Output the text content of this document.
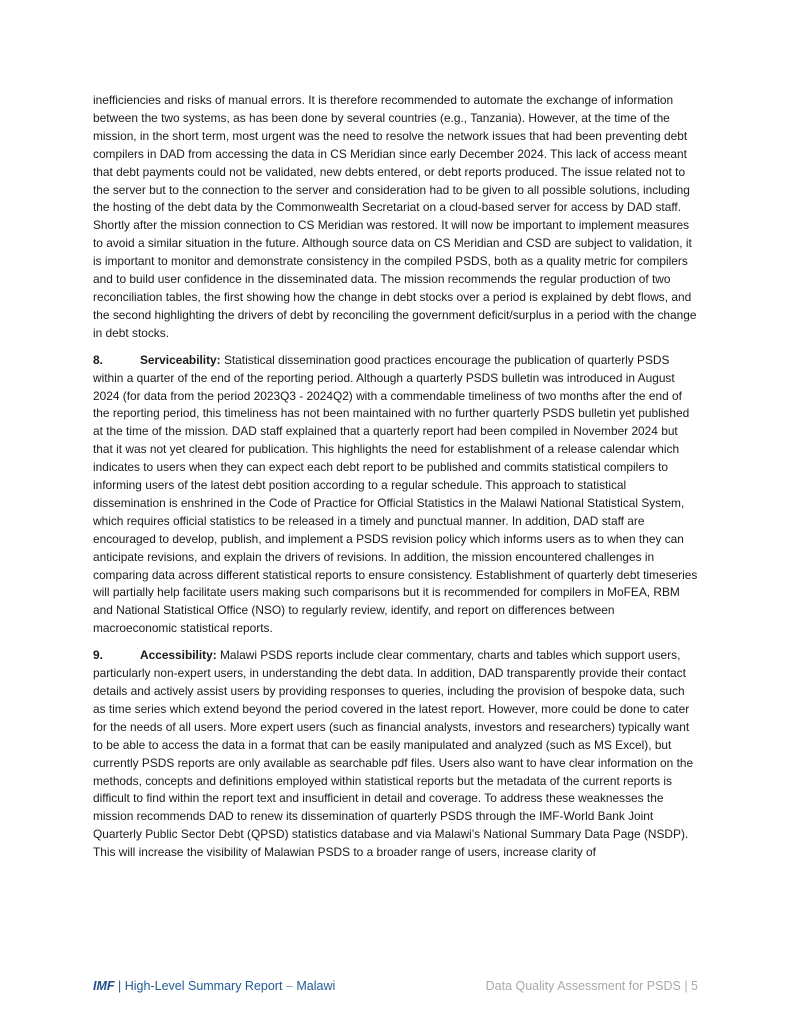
inefficiencies and risks of manual errors. It is therefore recommended to automate the exchange of information between the two systems, as has been done by several countries (e.g., Tanzania). However, at the time of the mission, in the short term, most urgent was the need to resolve the network issues that had been preventing debt compilers in DAD from accessing the data in CS Meridian since early December 2024. This lack of access meant that debt payments could not be validated, new debts entered, or debt reports produced. The issue related not to the server but to the connection to the server and consideration had to be given to all possible solutions, including the hosting of the debt data by the Commonwealth Secretariat on a cloud-based server for access by DAD staff. Shortly after the mission connection to CS Meridian was restored. It will now be important to implement measures to avoid a similar situation in the future. Although source data on CS Meridian and CSD are subject to validation, it is important to monitor and demonstrate consistency in the compiled PSDS, both as a quality metric for compilers and to build user confidence in the disseminated data. The mission recommends the regular production of two reconciliation tables, the first showing how the change in debt stocks over a period is explained by debt flows, and the second highlighting the drivers of debt by reconciling the government deficit/surplus in a period with the change in debt stocks.

8.	Serviceability: Statistical dissemination good practices encourage the publication of quarterly PSDS within a quarter of the end of the reporting period. Although a quarterly PSDS bulletin was introduced in August 2024 (for data from the period 2023Q3 - 2024Q2) with a commendable timeliness of two months after the end of the reporting period, this timeliness has not been maintained with no further quarterly PSDS bulletin yet published at the time of the mission. DAD staff explained that a quarterly report had been compiled in November 2024 but that it was not yet cleared for publication. This highlights the need for establishment of a release calendar which indicates to users when they can expect each debt report to be published and commits statistical compilers to informing users of the latest debt position according to a regular schedule. This approach to statistical dissemination is enshrined in the Code of Practice for Official Statistics in the Malawi National Statistical System, which requires official statistics to be released in a timely and punctual manner. In addition, DAD staff are encouraged to develop, publish, and implement a PSDS revision policy which informs users as to when they can anticipate revisions, and explain the drivers of revisions. In addition, the mission encountered challenges in comparing data across different statistical reports to ensure consistency. Establishment of quarterly debt timeseries will partially help facilitate users making such comparisons but it is recommended for compilers in MoFEA, RBM and National Statistical Office (NSO) to regularly review, identify, and report on differences between macroeconomic statistical reports.

9.	Accessibility: Malawi PSDS reports include clear commentary, charts and tables which support users, particularly non-expert users, in understanding the debt data. In addition, DAD transparently provide their contact details and actively assist users by providing responses to queries, including the provision of bespoke data, such as time series which extend beyond the period covered in the latest report. However, more could be done to cater for the needs of all users. More expert users (such as financial analysts, investors and researchers) typically want to be able to access the data in a format that can be easily manipulated and analyzed (such as MS Excel), but currently PSDS reports are only available as searchable pdf files. Users also want to have clear information on the methods, concepts and definitions employed within statistical reports but the metadata of the current reports is difficult to find within the report text and insufficient in detail and coverage. To address these weaknesses the mission recommends DAD to renew its dissemination of quarterly PSDS through the IMF-World Bank Joint Quarterly Public Sector Debt (QPSD) statistics database and via Malawi’s National Summary Data Page (NSDP). This will increase the visibility of Malawian PSDS to a broader range of users, increase clarity of

IMF | High-Level Summary Report – Malawi	Data Quality Assessment for PSDS | 5
